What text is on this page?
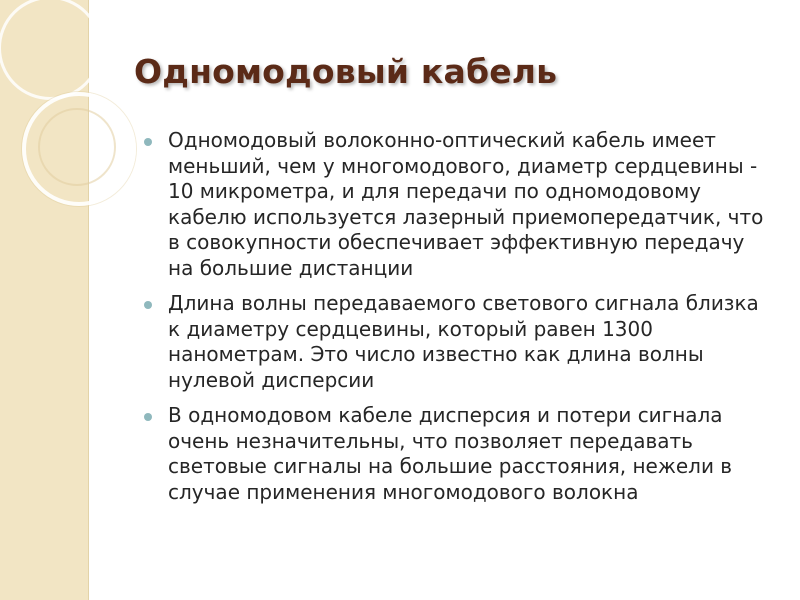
Одномодовый кабель
Одномодовый волоконно-оптический кабель имеет меньший, чем у многомодового, диаметр сердцевины - 10 микрометра, и для передачи по одномодовому кабелю используется лазерный приемопередатчик, что в совокупности обеспечивает эффективную передачу на большие дистанции
Длина волны передаваемого светового сигнала близка к диаметру сердцевины, который равен 1300 нанометрам. Это число известно как длина волны нулевой дисперсии
В одномодовом кабеле дисперсия и потери сигнала очень незначительны, что позволяет передавать световые сигналы на большие расстояния, нежели в случае применения многомодового волокна
